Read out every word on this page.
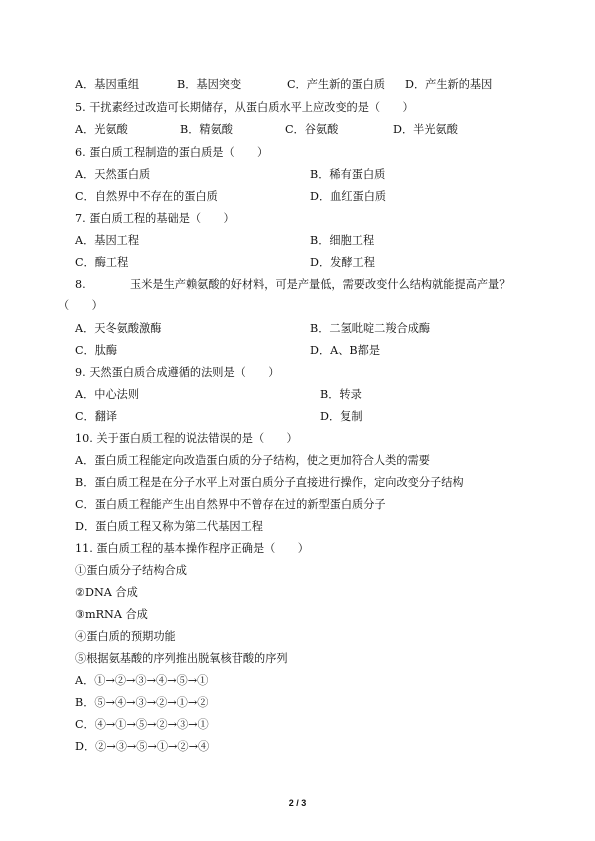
A．基因重组	B．基因突变	C．产生新的蛋白质 D．产生新的基因
5. 干扰素经过改造可长期储存，从蛋白质水平上应改变的是（　　）
A．光氨酸	B．精氨酸	C．谷氨酸	D．半光氨酸
6. 蛋白质工程制造的蛋白质是（　　）
A．天然蛋白质	B．稀有蛋白质
C．自然界中不存在的蛋白质	D．血红蛋白质
7. 蛋白质工程的基础是（　　）
A．基因工程	B．细胞工程
C．酶工程	D．发酵工程
8.	玉米是生产赖氨酸的好材料，可是产量低，需要改变什么结构就能提高产量？
（　　）
A．天冬氨酸激酶	B．二氢吡啶二羧合成酶
C．肽酶	D．A、B都是
9. 天然蛋白质合成遵循的法则是（　　）
A．中心法则	B．转录
C．翻译	D．复制
10. 关于蛋白质工程的说法错误的是（　　）
A．蛋白质工程能定向改造蛋白质的分子结构，使之更加符合人类的需要
B．蛋白质工程是在分子水平上对蛋白质分子直接进行操作，定向改变分子结构
C．蛋白质工程能产生出自然界中不曾存在过的新型蛋白质分子
D．蛋白质工程又称为第二代基因工程
11. 蛋白质工程的基本操作程序正确是（　　）
①蛋白质分子结构合成
②DNA 合成
③mRNA 合成
④蛋白质的预期功能
⑤根据氨基酸的序列推出脱氧核苷酸的序列
A．①→②→③→④→⑤→①
B．⑤→④→③→②→①→②
C．④→①→⑤→②→③→①
D．②→③→⑤→①→②→④
2 / 3
